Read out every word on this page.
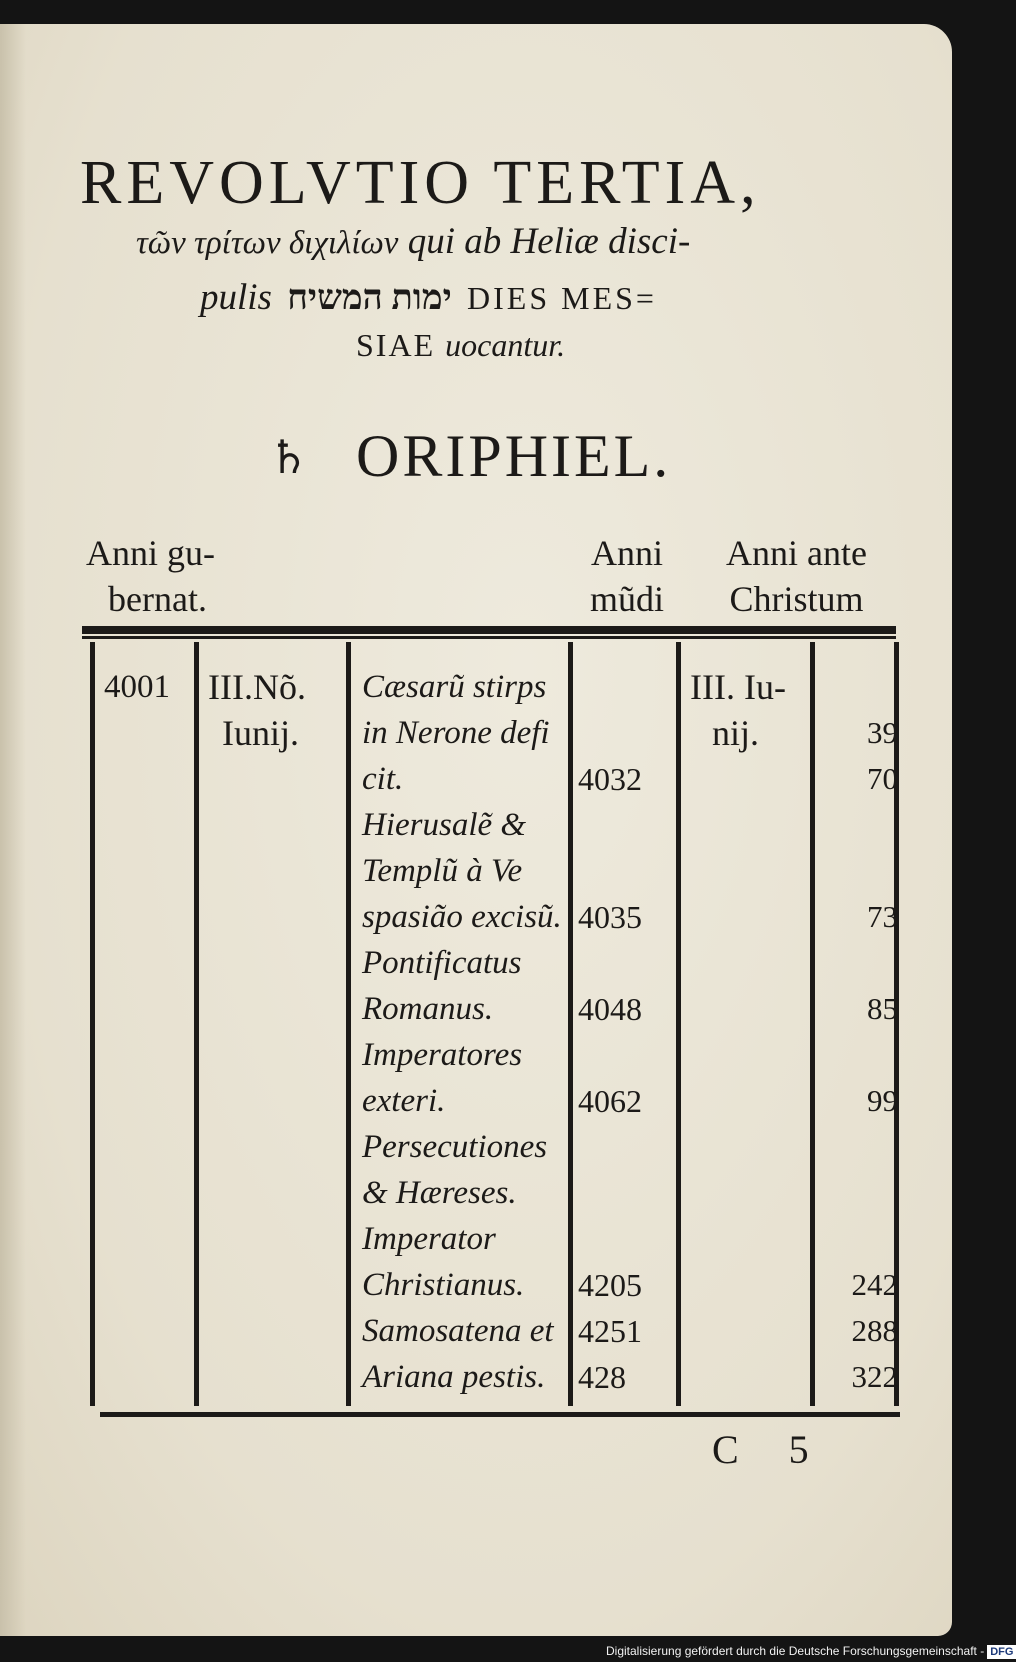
REVOLVTIO TERTIA,
τῶν τρίτων διχιλίων qui ab Heliæ disci-
pulis ימות המשיח DIES MES=
SIAE uocantur.
♄ ORIPHIEL.
Anni gu-
bernat.
Anni
mũdi
Anni ante
Christum
4001 III.Nõ.
Iunij.
Cæsarũ stirps
in Nerone defi
cit.
Hierusalẽ &
Templũ à Ve
spasião excisũ.
Pontificatus
Romanus.
Imperatores
exteri.
Persecutiones
& Hæreses.
Imperator
Christianus.
Samosatena et
Ariana pestis.
4032
4035
4048
4062
4205
4251
428
III. Iu-
nij.	39
70
73
85
99
242
288
322
C 5
Digitalisierung gefördert durch die Deutsche Forschungsgemeinschaft - DFG
